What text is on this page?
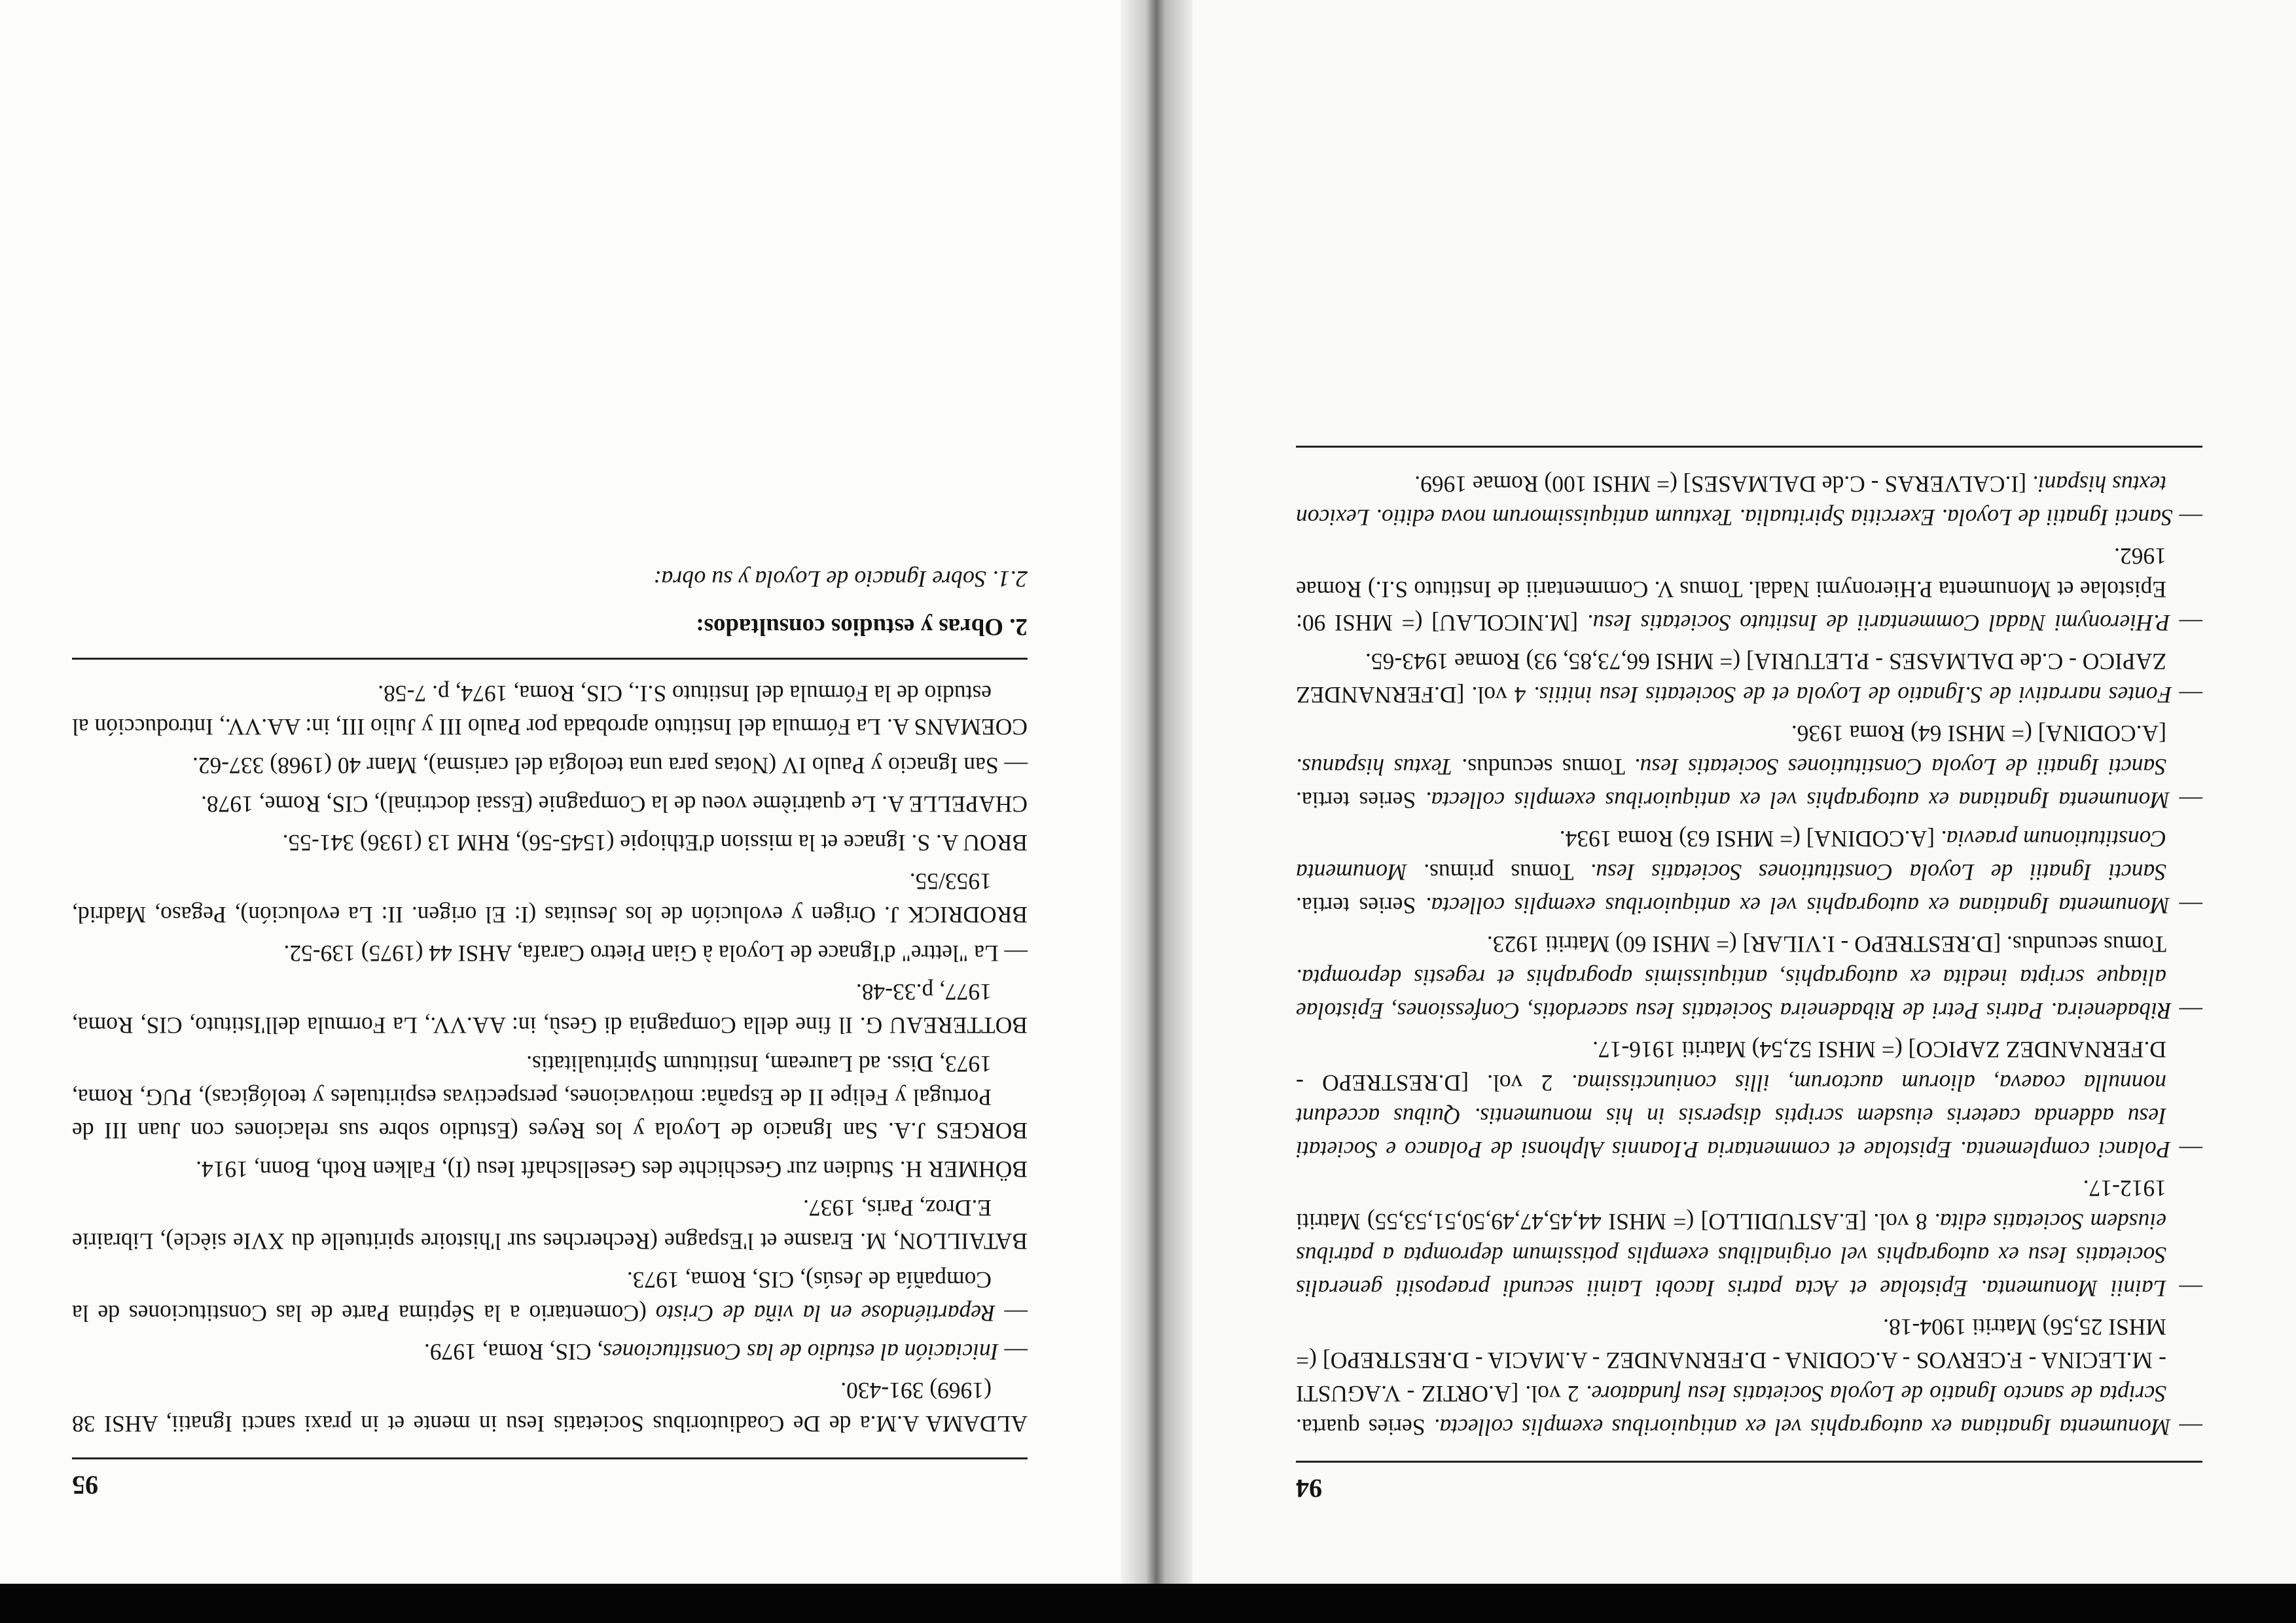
95

ALDAMA A.M.a de De Coadiutoribus Societatis Iesu in mente et in praxi sancti Ignatii, AHSI 38 (1969) 391-430.

— Iniciación al estudio de las Constituciones, CIS, Roma, 1979.

— Repartiéndose en la viña de Cristo (Comentario a la Séptima Parte de las Constituciones de la Compañía de Jesús), CIS, Roma, 1973.

BATAILLON, M. Erasme et l'Espagne (Recherches sur l'histoire spirituelle du XVIe siècle), Librairie E.Droz, Paris, 1937.

BÖHMER H. Studien zur Geschichte des Gesellschaft Iesu (I), Falken Roth, Bonn, 1914.

BORGES J.A. San Ignacio de Loyola y los Reyes (Estudio sobre sus relaciones con Juan III de Portugal y Felipe II de España: motivaciones, perspectivas espirituales y teológicas), PUG, Roma, 1973, Diss. ad Lauream, Institutum Spiritualitatis.

BOTTEREAU G. Il fine della Compagnia di Gesù, in: AA.VV., La Formula dell'Istituto, CIS, Roma, 1977, p.33-48.

— La "lettre" d'Ignace de Loyola à Gian Pietro Carafa, AHSI 44 (1975) 139-52.

BRODRICK J. Origen y evolución de los Jesuitas (I: El origen. II: La evolución), Pegaso, Madrid, 1953/55.

BROU A. S. Ignace et la mission d'Ethiopie (1545-56), RHM 13 (1936) 341-55.

CHAPELLE A. Le quatrième voeu de la Compagnie (Essai doctrinal), CIS, Rome, 1978.

— San Ignacio y Paulo IV (Notas para una teología del carisma), Manr 40 (1968) 337-62.

COEMANS A. La Fórmula del Instituto aprobada por Paulo III y Julio III, in: AA.VV., Introducción al estudio de la Fórmula del Instituto S.I., CIS, Roma, 1974, p. 7-58.

2. Obras y estudios consultados:

2.1. Sobre Ignacio de Loyola y su obra:

94

— Monumenta Ignatiana ex autographis vel ex antiquioribus exemplis collecta. Series quarta. Scripta de sancto Ignatio de Loyola Societatis Iesu fundatore. 2 vol. [A.ORTIZ - V.AGUSTI - M.LECINA - F.CERVOS - A.CODINA - D.FERNANDEZ - A.MACIA - D.RESTREPO] (= MHSI 25,56) Matriti 1904-18.

— Lainii Monumenta. Epistolae et Acta patris Iacobi Lainii secundi praepositi generalis Societatis Iesu ex autographis vel originalibus exemplis potissimum deprompta a patribus eiusdem Societatis edita. 8 vol. [E.ASTUDILLO] (= MHSI 44,45,47,49,50,51,53,55) Matriti 1912-17.

— Polanci complementa. Epistolae et commentaria P.Ioannis Alphonsi de Polanco e Societati Iesu addenda caeteris eiusdem scriptis dispersis in his monumentis. Quibus accedunt nonnulla coaeva, aliorum auctorum, illis coniunctissima. 2 vol. [D.RESTREPO - D.FERNANDEZ ZAPICO] (= MHSI 52,54) Matriti 1916-17.

— Ribadeneira. Patris Petri de Ribadeneira Societatis Iesu sacerdotis, Confessiones, Epistolae aliaque scripta inedita ex autographis, antiquissimis apographis et regestis deprompta. Tomus secundus. [D.RESTREPO - I.VILAR] (= MHSI 60) Matriti 1923.

— Monumenta Ignatiana ex autographis vel ex antiquioribus exemplis collecta. Series tertia. Sancti Ignatii de Loyola Constitutiones Societatis Iesu. Tomus primus. Monumenta Constitutionum praevia. [A.CODINA] (= MHSI 63) Roma 1934.

— Monumenta Ignatiana ex autographis vel ex antiquioribus exemplis collecta. Series tertia. Sancti Ignatii de Loyola Constitutiones Societatis Iesu. Tomus secundus. Textus hispanus. [A.CODINA] (= MHSI 64) Roma 1936.

— Fontes narrativi de S.Ignatio de Loyola et de Societatis Iesu initiis. 4 vol. [D.FERNANDEZ ZAPICO - C.de DALMASES - P.LETURIA] (= MHSI 66,73,85, 93) Romae 1943-65.

— P.Hieronymi Nadal Commentarii de Instituto Societatis Iesu. [M.NICOLAU] (= MHSI 90: Epistolae et Monumenta P.Hieronymi Nadal. Tomus V. Commentarii de Instituto S.I.) Romae 1962.

— Sancti Ignatii de Loyola. Exercitia Spiritualia. Textuum antiquissimorum nova editio. Lexicon textus hispani. [I.CALVERAS - C.de DALMASES] (= MHSI 100) Romae 1969.
